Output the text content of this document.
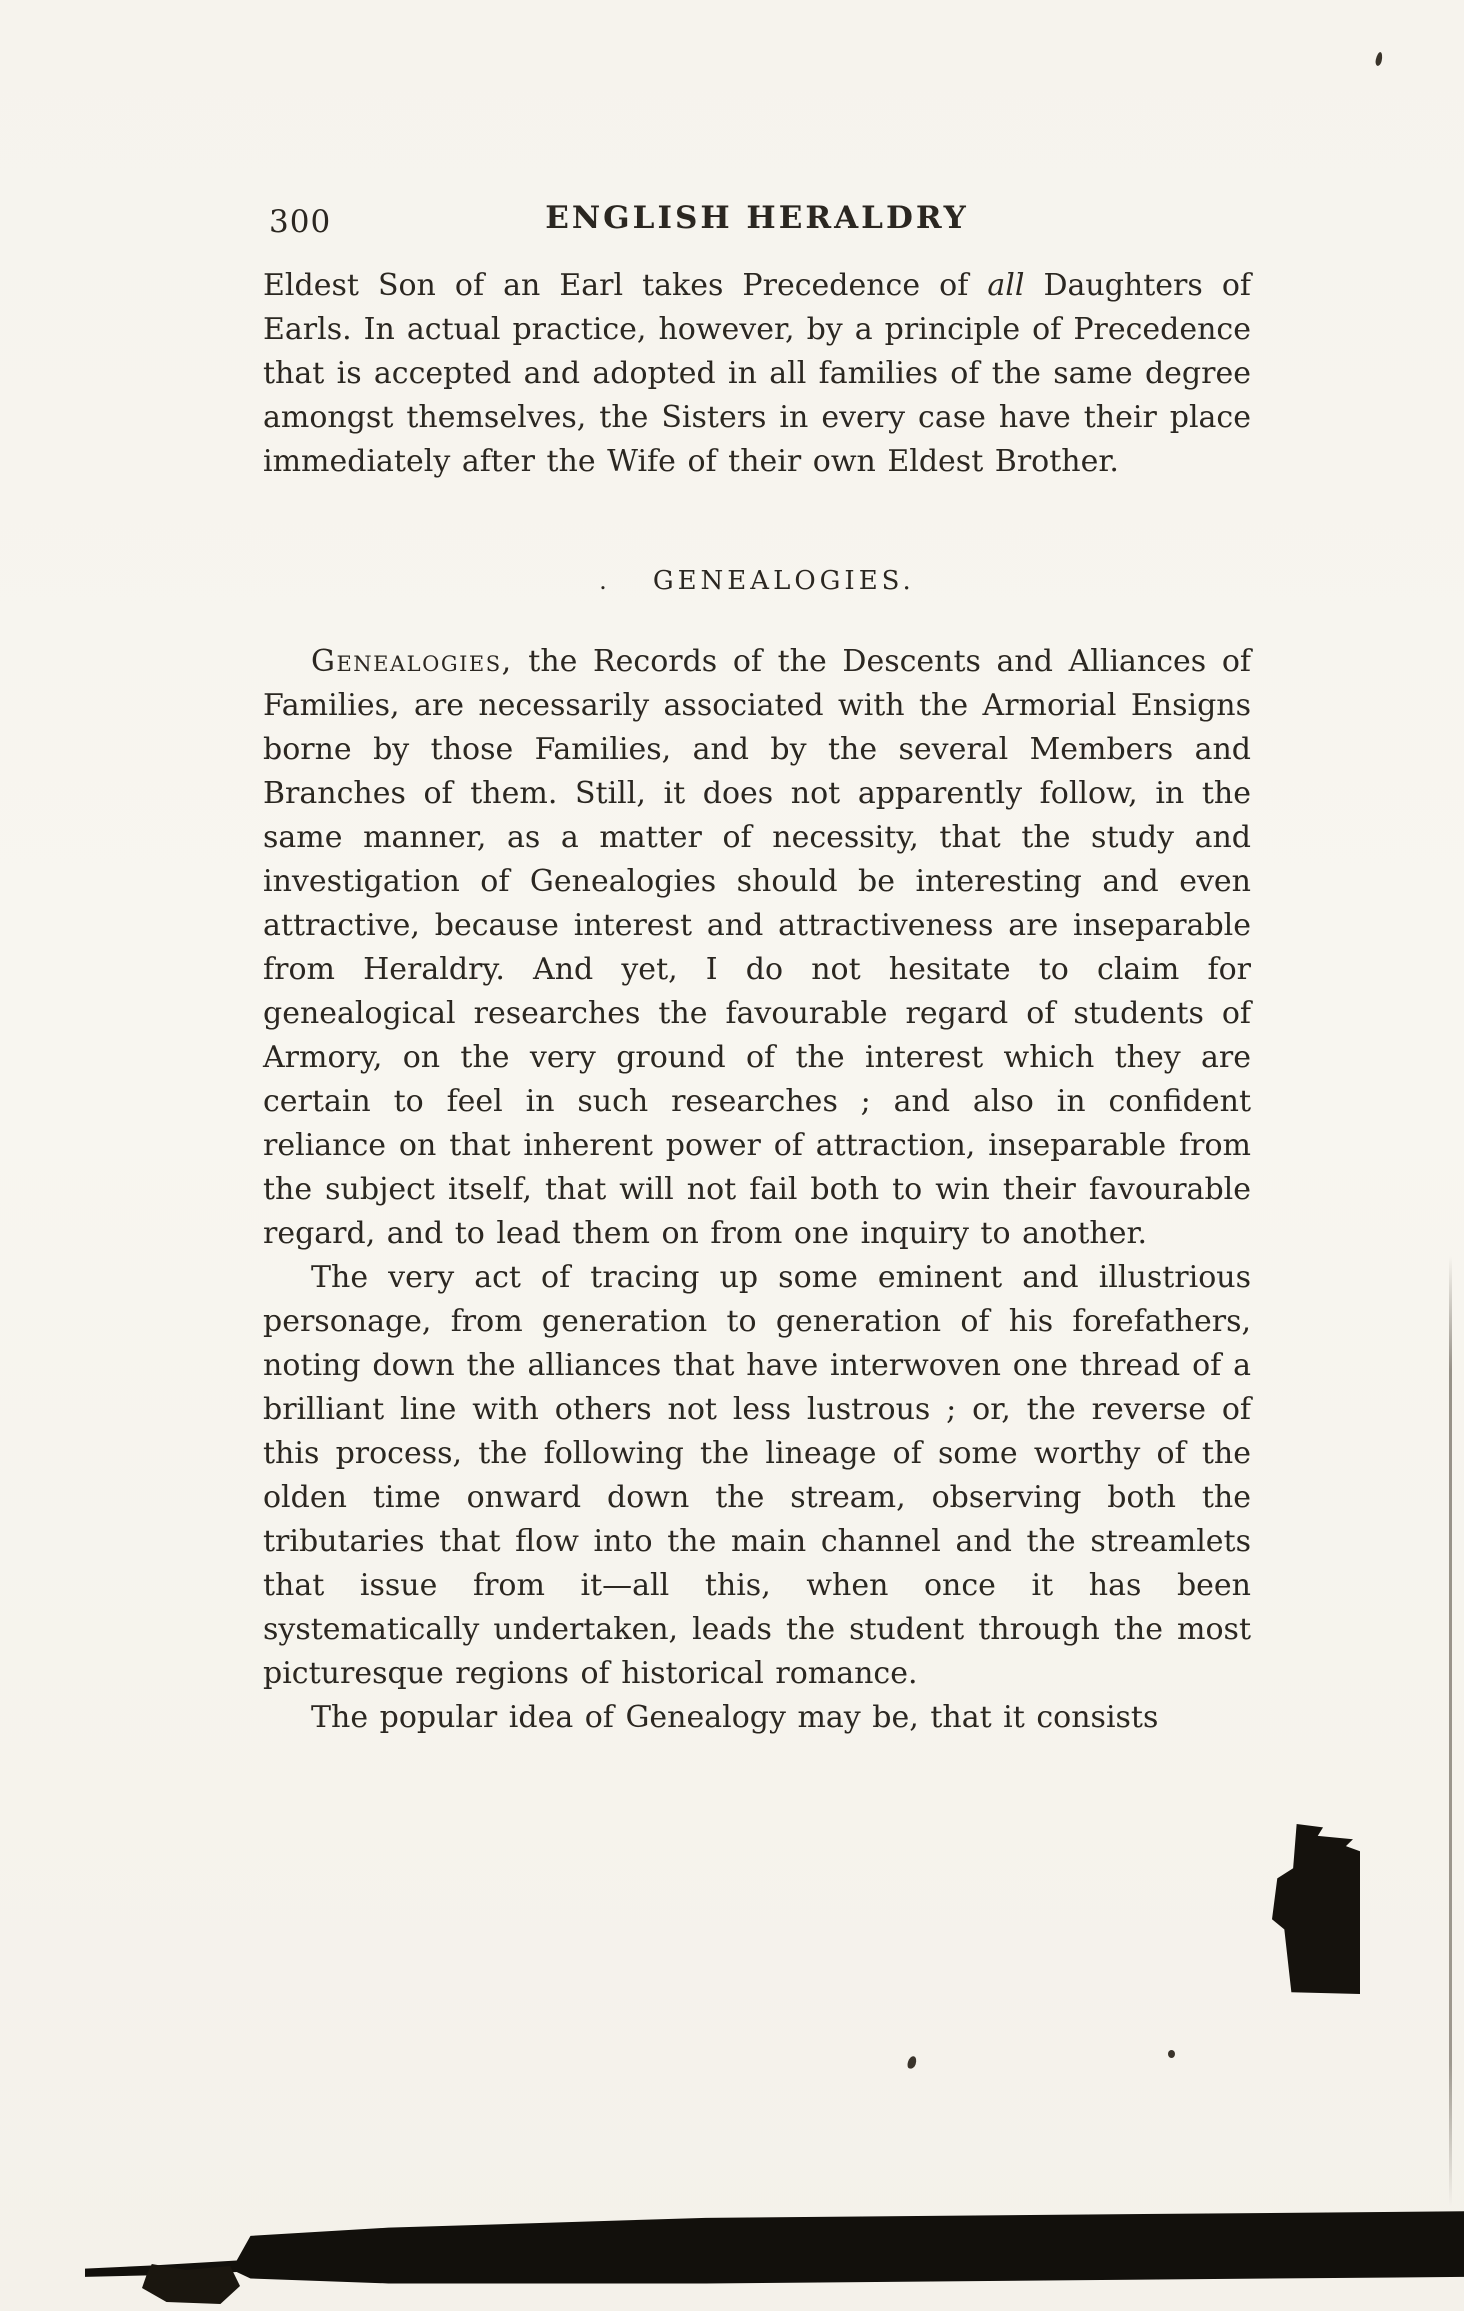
300	ENGLISH HERALDRY

Eldest Son of an Earl takes Precedence of all Daughters of Earls. In actual practice, however, by a principle of Precedence that is accepted and adopted in all families of the same degree amongst themselves, the Sisters in every case have their place immediately after the Wife of their own Eldest Brother.

. GENEALOGIES.

Genealogies, the Records of the Descents and Alliances of Families, are necessarily associated with the Armorial Ensigns borne by those Families, and by the several Members and Branches of them. Still, it does not apparently follow, in the same manner, as a matter of necessity, that the study and investigation of Genealogies should be interesting and even attractive, because interest and attractiveness are inseparable from Heraldry. And yet, I do not hesitate to claim for genealogical researches the favourable regard of students of Armory, on the very ground of the interest which they are certain to feel in such researches ; and also in confident reliance on that inherent power of attraction, inseparable from the subject itself, that will not fail both to win their favourable regard, and to lead them on from one inquiry to another.

The very act of tracing up some eminent and illustrious personage, from generation to generation of his forefathers, noting down the alliances that have interwoven one thread of a brilliant line with others not less lustrous ; or, the reverse of this process, the following the lineage of some worthy of the olden time onward down the stream, observing both the tributaries that flow into the main channel and the streamlets that issue from it—all this, when once it has been systematically undertaken, leads the student through the most picturesque regions of historical romance.

The popular idea of Genealogy may be, that it consists
